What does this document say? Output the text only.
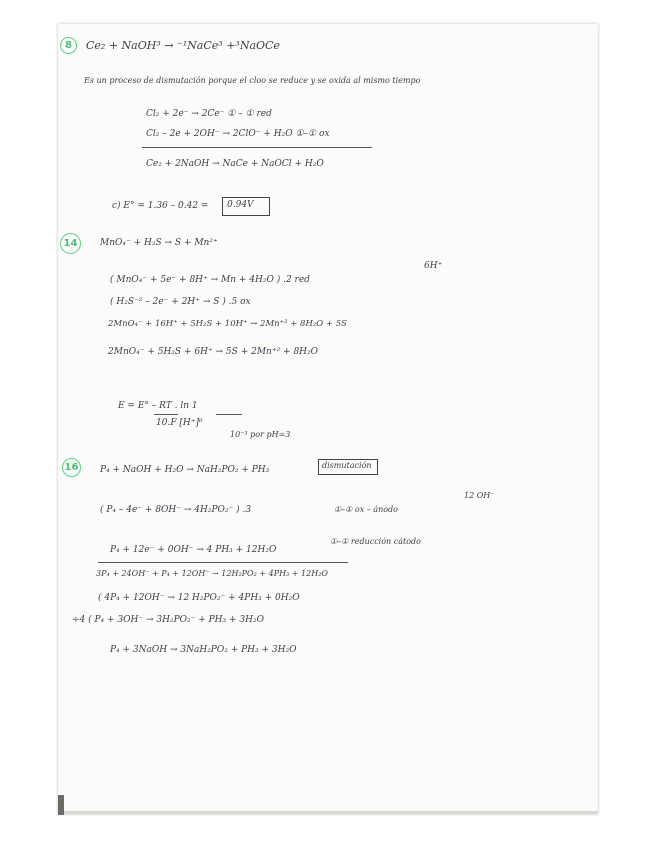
8	Ce₂ + NaOH³ → ⁻¹NaCe³ +³NaOCe
Es un proceso de dismutación porque el cloo se reduce y se oxida al mismo tiempo
Cl₂ + 2e⁻ → 2Ce⁻ ① – ① red
Cl₂ – 2e + 2OH⁻ → 2ClO⁻ + H₂O ①–① ox
Ce₂ + 2NaOH → NaCe + NaOCl + H₂O
c) E° = 1.36 – 0.42 = 0.94V
14	MnO₄⁻ + H₂S → S + Mn²⁺
6H⁺
( MnO₄⁻ + 5e⁻ + 8H⁺ → Mn + 4H₂O ) .2 red
( H₂S⁻² – 2e⁻ + 2H⁺ → S ) .5 ox
2MnO₄⁻ + 16H⁺ + 5H₂S + 10H⁺ → 2Mn⁺² + 8H₂O + 5S
2MnO₄⁻ + 5H₂S + 6H⁺ → 5S + 2Mn⁺² + 8H₂O
E = E° – RT . ln 1
10.F [H⁺]⁶
10⁻³ por pH=3
16 P₄ + NaOH + H₂O → NaH₂PO₂ + PH₃	dismutación
( P₄ – 4e⁻ + 8OH⁻ → 4H₂PO₂⁻ ) .3	①–① ox – ánodo
12 OH⁻
P₄ + 12e⁻ + 0OH⁻ → 4 PH₃ + 12H₂O
①–① reducción cátodo
3P₄ + 24OH⁻ + P₄ + 12OH⁻ → 12H₂PO₂ + 4PH₃ + 12H₂O
( 4P₄ + 12OH⁻ → 12 H₂PO₂⁻ + 4PH₃ + 0H₂O
÷4 ( P₄ + 3OH⁻ → 3H₂PO₂⁻ + PH₃ + 3H₂O
P₄ + 3NaOH → 3NaH₂PO₂ + PH₃ + 3H₂O
